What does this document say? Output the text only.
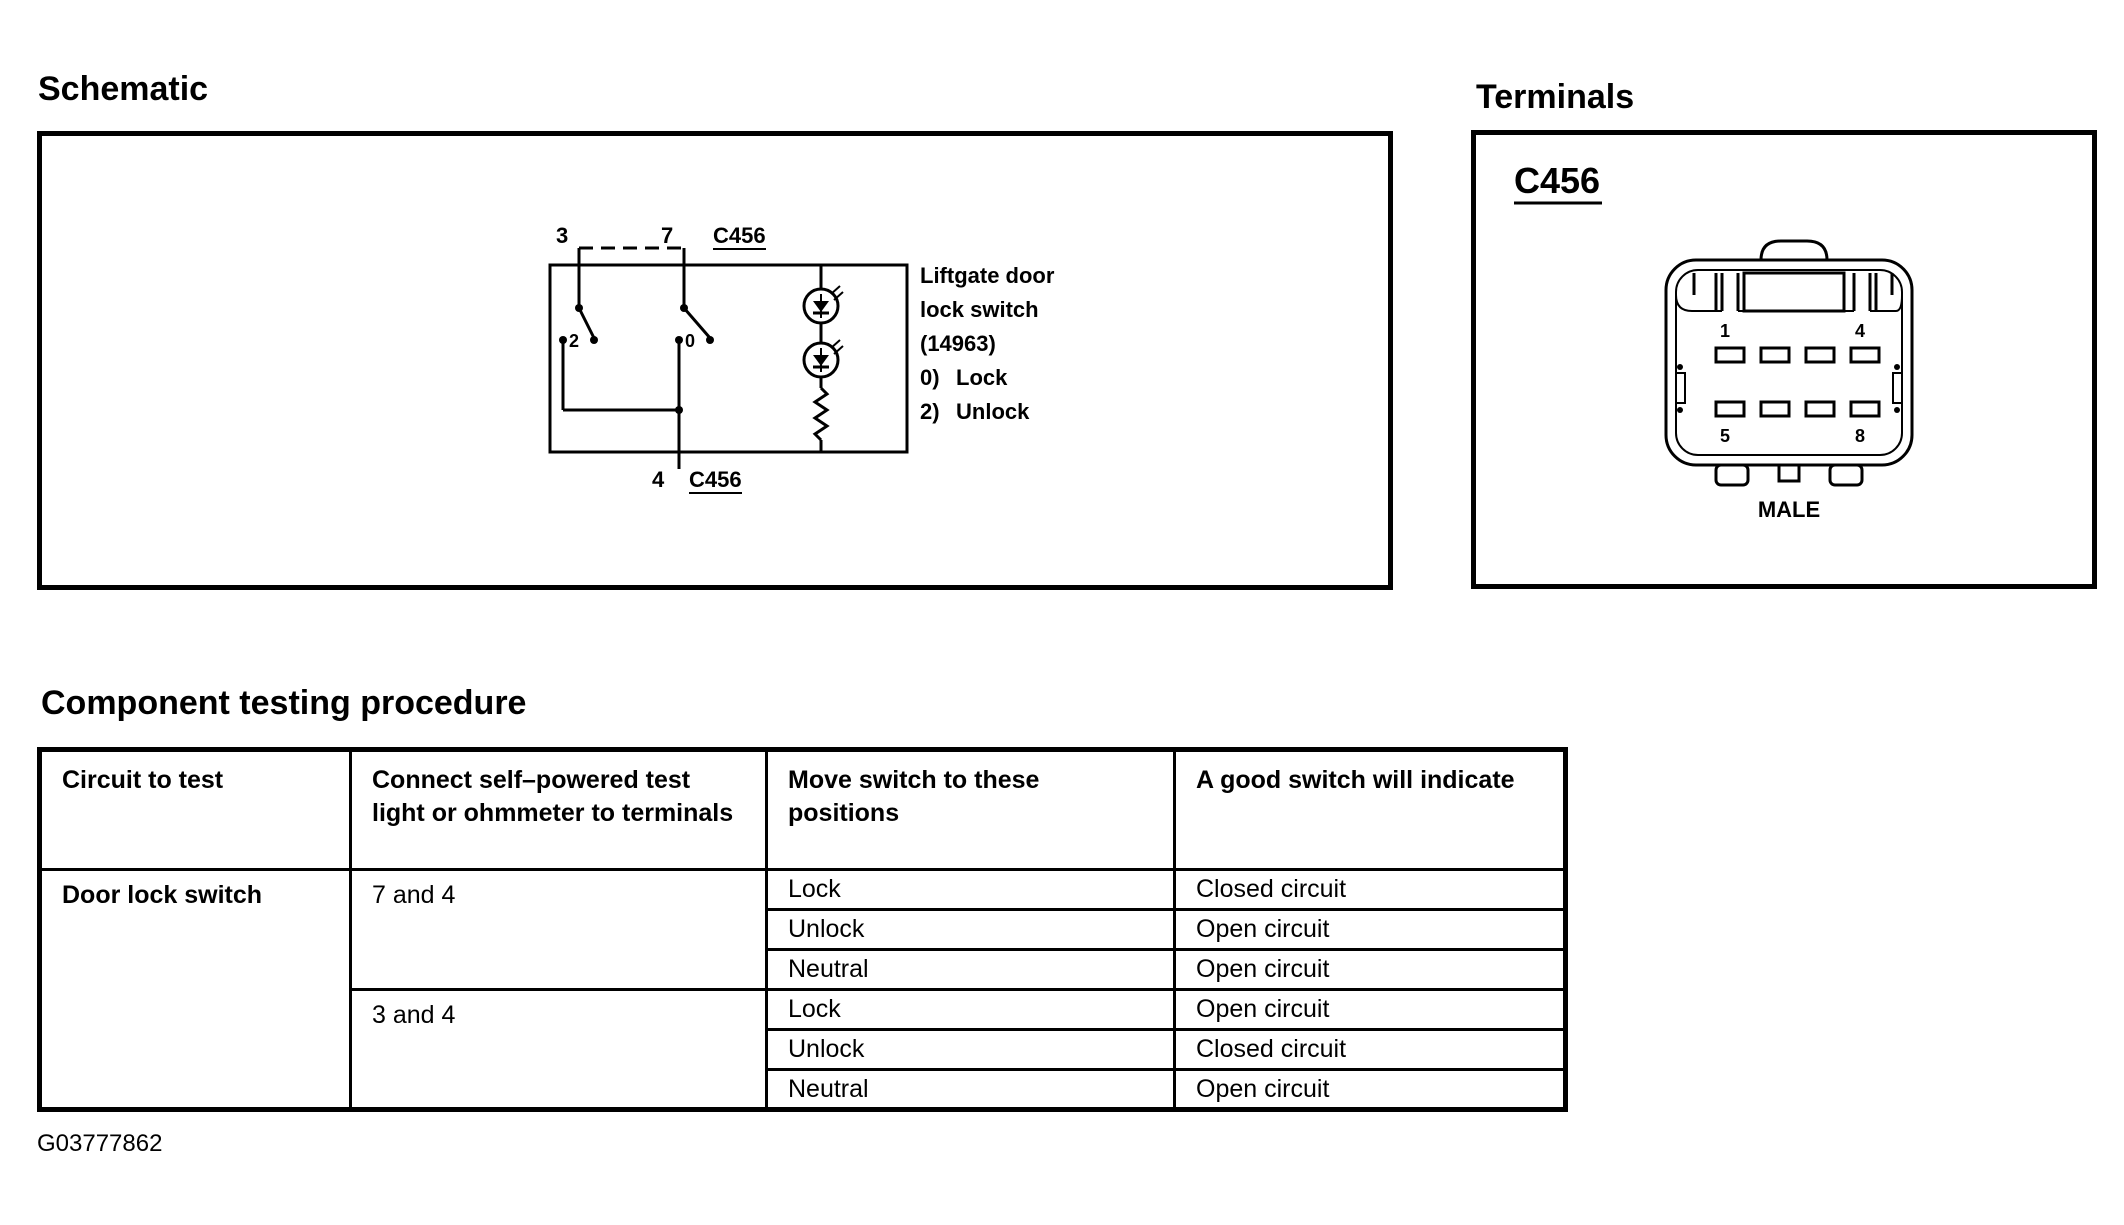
Schematic	Terminals
3	7 C456
2	0
4 C456
Liftgate door
lock switch
(14963)
0) Lock
2) Unlock
C456
1	4
5	8
MALE
Component testing procedure
Circuit to test	Connect self–powered test light or ohmmeter to terminals	Move switch to these positions	A good switch will indicate
Door lock switch	7 and 4	Lock	Closed circuit
		Unlock	Open circuit
		Neutral	Open circuit
	3 and 4	Lock	Open circuit
		Unlock	Closed circuit
		Neutral	Open circuit
G03777862
